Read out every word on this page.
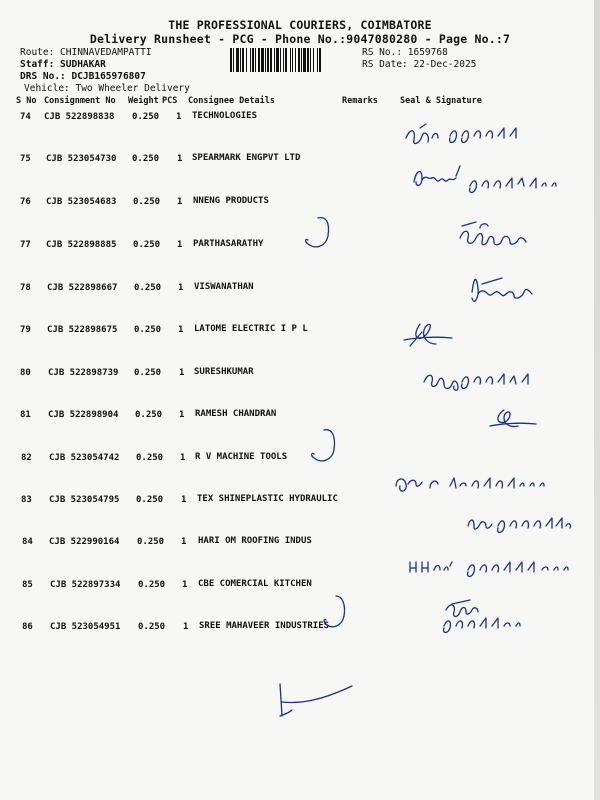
THE PROFESSIONAL COURIERS, COIMBATORE
Delivery Runsheet - PCG - Phone No.:9047080280 - Page No.:7
Route: CHINNAVEDAMPATTI
Staff: SUDHAKAR
DRS No.: DCJB165976807
Vehicle: Two Wheeler Delivery
RS No.: 1659768
RS Date: 22-Dec-2025
S No Consignment No Weight PCS Consignee Details	Remarks	Seal & Signature
74 CJB 522898838 0.250 1 TECHNOLOGIES
75 CJB 523054730 0.250 1 SPEARMARK ENGPVT LTD
76 CJB 523054683 0.250 1 NNENG PRODUCTS
77 CJB 522898885 0.250 1 PARTHASARATHY
78 CJB 522898667 0.250 1 VISWANATHAN
79 CJB 522898675 0.250 1 LATOME ELECTRIC I P L
80 CJB 522898739 0.250 1 SURESHKUMAR
81 CJB 522898904 0.250 1 RAMESH CHANDRAN
82 CJB 523054742 0.250 1 R V MACHINE TOOLS
83 CJB 523054795 0.250 1 TEX SHINEPLASTIC HYDRAULIC
84 CJB 522990164 0.250 1 HARI OM ROOFING INDUS
85 CJB 522897334 0.250 1 CBE COMERCIAL KITCHEN
86 CJB 523054951 0.250 1 SREE MAHAVEER INDUSTRIES
